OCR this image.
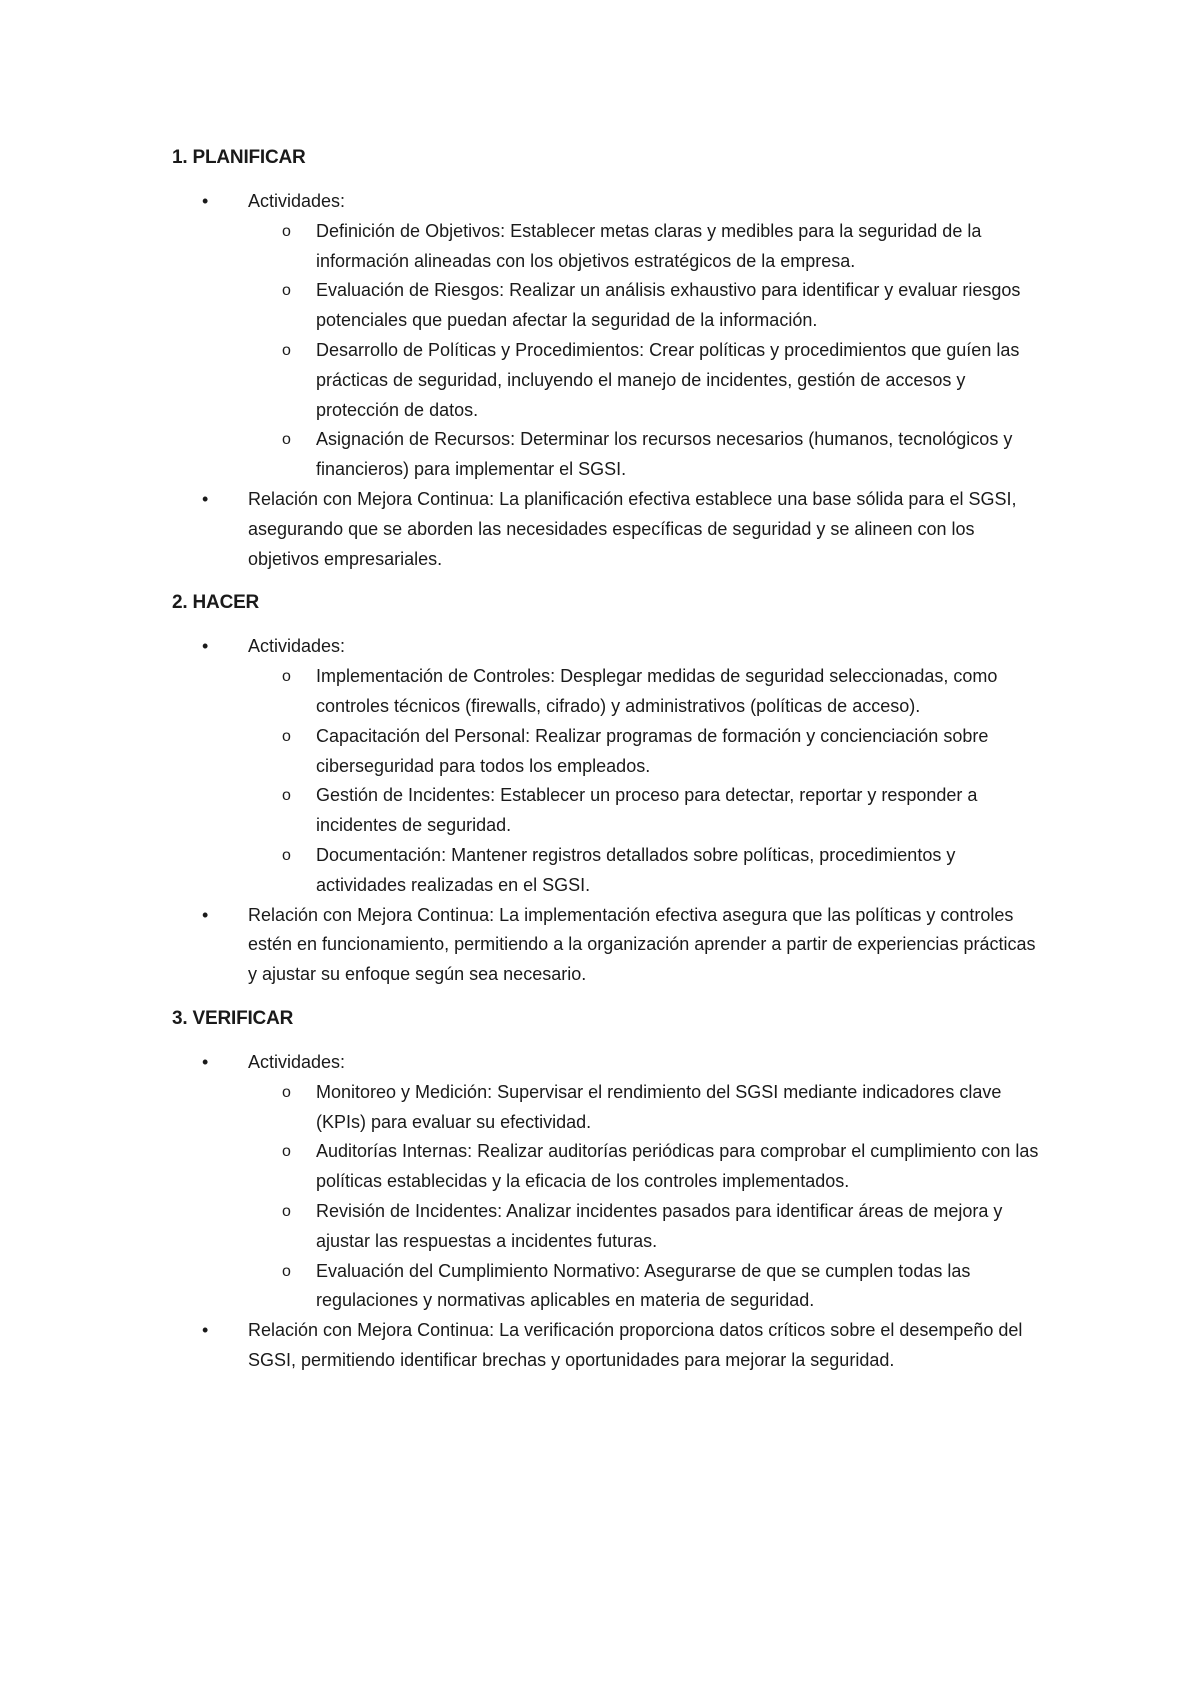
1. PLANIFICAR
• Actividades:
o Definición de Objetivos: Establecer metas claras y medibles para la seguridad de la información alineadas con los objetivos estratégicos de la empresa.
o Evaluación de Riesgos: Realizar un análisis exhaustivo para identificar y evaluar riesgos potenciales que puedan afectar la seguridad de la información.
o Desarrollo de Políticas y Procedimientos: Crear políticas y procedimientos que guíen las prácticas de seguridad, incluyendo el manejo de incidentes, gestión de accesos y protección de datos.
o Asignación de Recursos: Determinar los recursos necesarios (humanos, tecnológicos y financieros) para implementar el SGSI.
• Relación con Mejora Continua: La planificación efectiva establece una base sólida para el SGSI, asegurando que se aborden las necesidades específicas de seguridad y se alineen con los objetivos empresariales.
2. HACER
• Actividades:
o Implementación de Controles: Desplegar medidas de seguridad seleccionadas, como controles técnicos (firewalls, cifrado) y administrativos (políticas de acceso).
o Capacitación del Personal: Realizar programas de formación y concienciación sobre ciberseguridad para todos los empleados.
o Gestión de Incidentes: Establecer un proceso para detectar, reportar y responder a incidentes de seguridad.
o Documentación: Mantener registros detallados sobre políticas, procedimientos y actividades realizadas en el SGSI.
• Relación con Mejora Continua: La implementación efectiva asegura que las políticas y controles estén en funcionamiento, permitiendo a la organización aprender a partir de experiencias prácticas y ajustar su enfoque según sea necesario.
3. VERIFICAR
• Actividades:
o Monitoreo y Medición: Supervisar el rendimiento del SGSI mediante indicadores clave (KPIs) para evaluar su efectividad.
o Auditorías Internas: Realizar auditorías periódicas para comprobar el cumplimiento con las políticas establecidas y la eficacia de los controles implementados.
o Revisión de Incidentes: Analizar incidentes pasados para identificar áreas de mejora y ajustar las respuestas a incidentes futuras.
o Evaluación del Cumplimiento Normativo: Asegurarse de que se cumplen todas las regulaciones y normativas aplicables en materia de seguridad.
• Relación con Mejora Continua: La verificación proporciona datos críticos sobre el desempeño del SGSI, permitiendo identificar brechas y oportunidades para mejorar la seguridad.
